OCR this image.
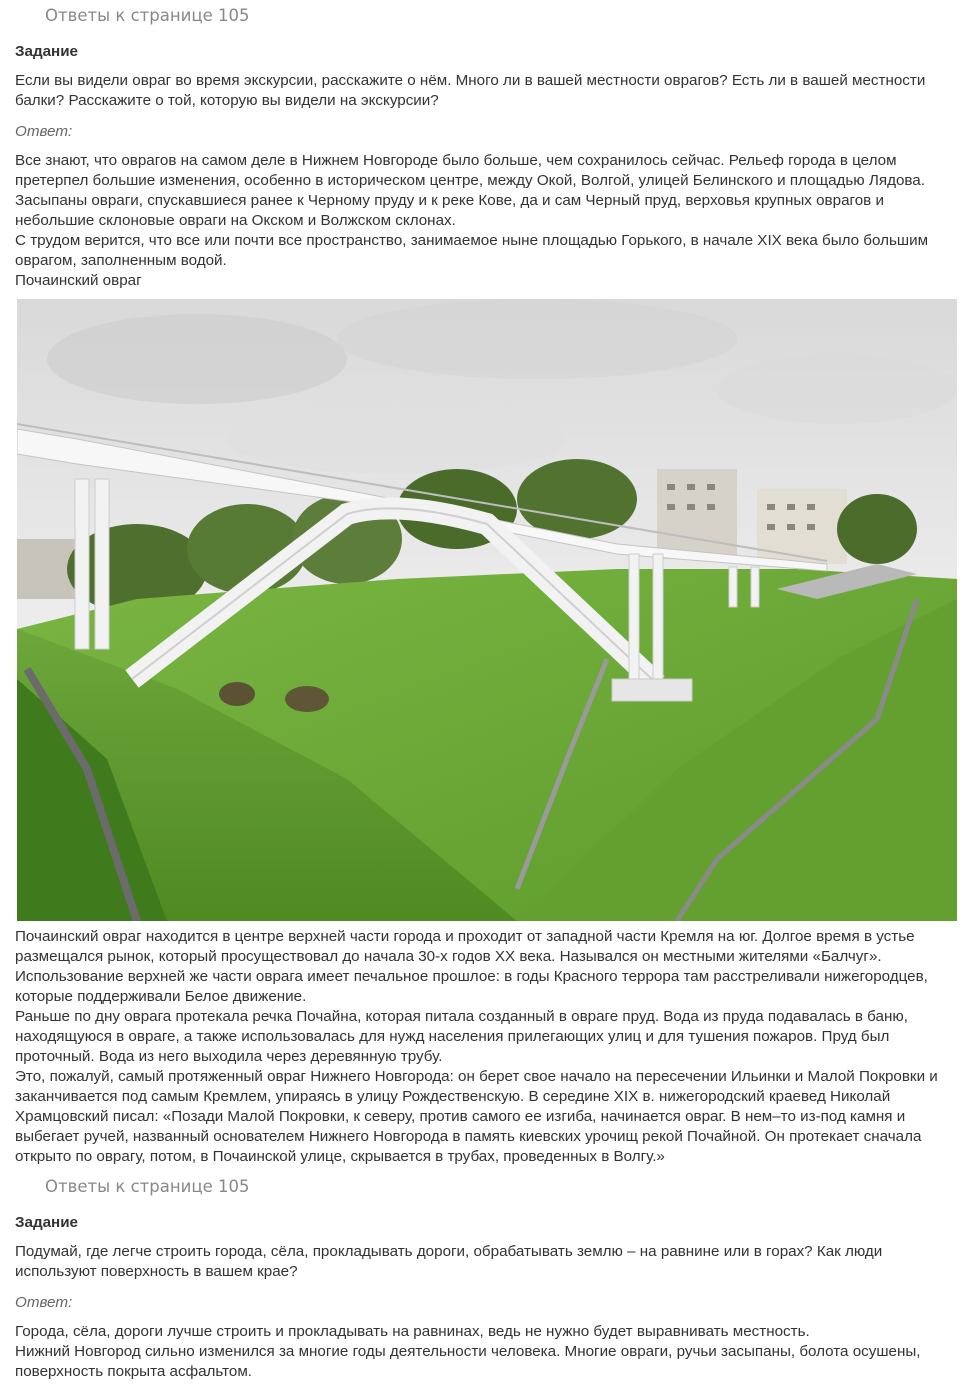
Ответы к странице 105
Задание
Если вы видели овраг во время экскурсии, расскажите о нём. Много ли в вашей местности оврагов? Есть ли в вашей местности балки? Расскажите о той, которую вы видели на экскурсии?
Ответ:

Все знают, что оврагов на самом деле в Нижнем Новгороде было больше, чем сохранилось сейчас. Рельеф города в целом претерпел большие изменения, особенно в историческом центре, между Окой, Волгой, улицей Белинского и площадью Лядова. Засыпаны овраги, спускавшиеся ранее к Черному пруду и к реке Кове, да и сам Черный пруд, верховья крупных оврагов и небольшие склоновые овраги на Окском и Волжском склонах.

С трудом верится, что все или почти все пространство, занимаемое ныне площадью Горького, в начале XIX века было большим оврагом, заполненным водой.

Почаинский овраг

Почаинский овраг находится в центре верхней части города и проходит от западной части Кремля на юг. Долгое время в устье размещался рынок, который просуществовал до начала 30-х годов XX века. Назывался он местными жителями «Балчуг». Использование верхней же части оврага имеет печальное прошлое: в годы Красного террора там расстреливали нижегородцев, которые поддерживали Белое движение.

Раньше по дну оврага протекала речка Почайна, которая питала созданный в овраге пруд. Вода из пруда подавалась в баню, находящуюся в овраге, а также использовалась для нужд населения прилегающих улиц и для тушения пожаров. Пруд был проточный. Вода из него выходила через деревянную трубу.

Это, пожалуй, самый протяженный овраг Нижнего Новгорода: он берет свое начало на пересечении Ильинки и Малой Покровки и заканчивается под самым Кремлем, упираясь в улицу Рождественскую. В середине XIX в. нижегородский краевед Николай Храмцовский писал: «Позади Малой Покровки, к северу, против самого ее изгиба, начинается овраг. В нем–то из-под камня и выбегает ручей, названный основателем Нижнего Новгорода в память киевских урочищ рекой Почайной. Он протекает сначала открыто по оврагу, потом, в Почаинской улице, скрывается в трубах, проведенных в Волгу.»

Ответы к странице 105
Задание
Подумай, где легче строить города, сёла, прокладывать дороги, обрабатывать землю – на равнине или в горах? Как люди используют поверхность в вашем крае?
Ответ:

Города, сёла, дороги лучше строить и прокладывать на равнинах, ведь не нужно будет выравнивать местность.

Нижний Новгород сильно изменился за многие годы деятельности человека. Многие овраги, ручьи засыпаны, болота осушены, поверхность покрыта асфальтом.
